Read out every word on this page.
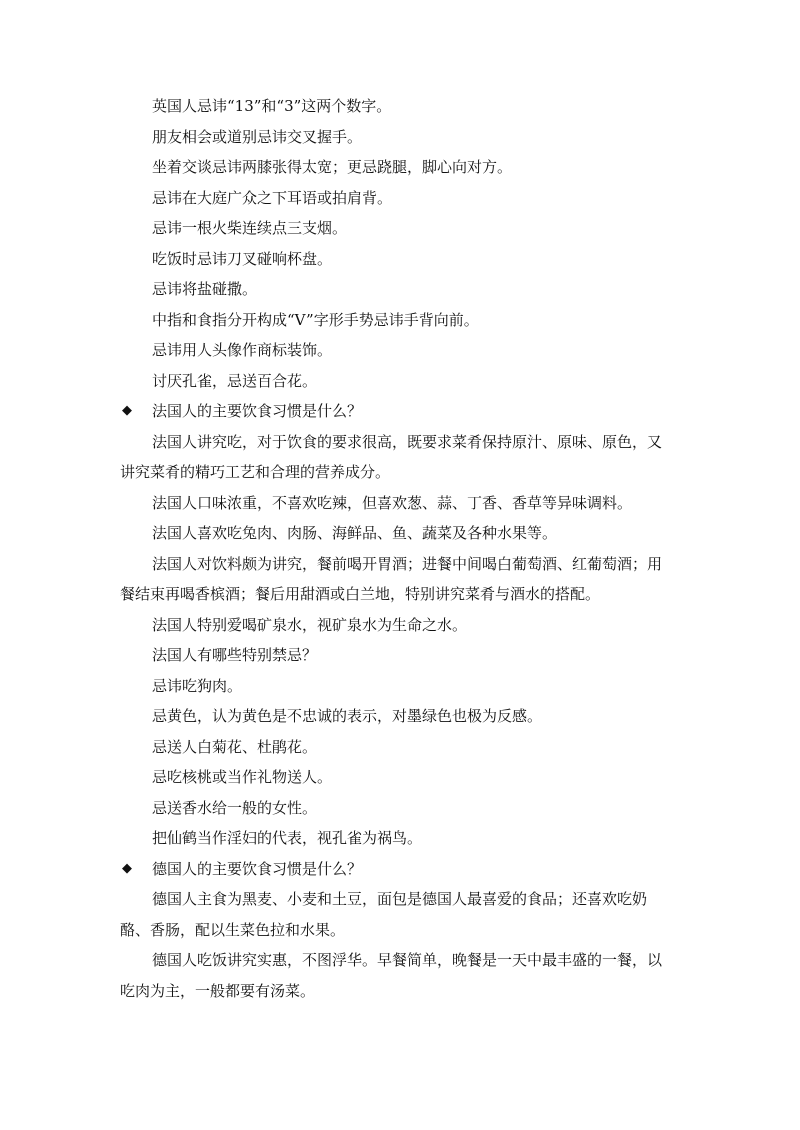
英国人忌讳“13”和“3”这两个数字。
朋友相会或道别忌讳交叉握手。
坐着交谈忌讳两膝张得太宽；更忌跷腿，脚心向对方。
忌讳在大庭广众之下耳语或拍肩背。
忌讳一根火柴连续点三支烟。
吃饭时忌讳刀叉碰响杯盘。
忌讳将盐碰撒。
中指和食指分开构成“V”字形手势忌讳手背向前。
忌讳用人头像作商标装饰。
讨厌孔雀，忌送百合花。
◆ 法国人的主要饮食习惯是什么？
法国人讲究吃，对于饮食的要求很高，既要求菜肴保持原汁、原味、原色，又
讲究菜肴的精巧工艺和合理的营养成分。
法国人口味浓重，不喜欢吃辣，但喜欢葱、蒜、丁香、香草等异味调料。
法国人喜欢吃兔肉、肉肠、海鲜品、鱼、蔬菜及各种水果等。
法国人对饮料颇为讲究，餐前喝开胃酒；进餐中间喝白葡萄酒、红葡萄酒；用
餐结束再喝香槟酒；餐后用甜酒或白兰地，特别讲究菜肴与酒水的搭配。
法国人特别爱喝矿泉水，视矿泉水为生命之水。
法国人有哪些特别禁忌？
忌讳吃狗肉。
忌黄色，认为黄色是不忠诚的表示，对墨绿色也极为反感。
忌送人白菊花、杜鹃花。
忌吃核桃或当作礼物送人。
忌送香水给一般的女性。
把仙鹤当作淫妇的代表，视孔雀为祸鸟。
◆ 德国人的主要饮食习惯是什么？
德国人主食为黑麦、小麦和土豆，面包是德国人最喜爱的食品；还喜欢吃奶
酪、香肠，配以生菜色拉和水果。
德国人吃饭讲究实惠，不图浮华。早餐简单，晚餐是一天中最丰盛的一餐，以
吃肉为主，一般都要有汤菜。
